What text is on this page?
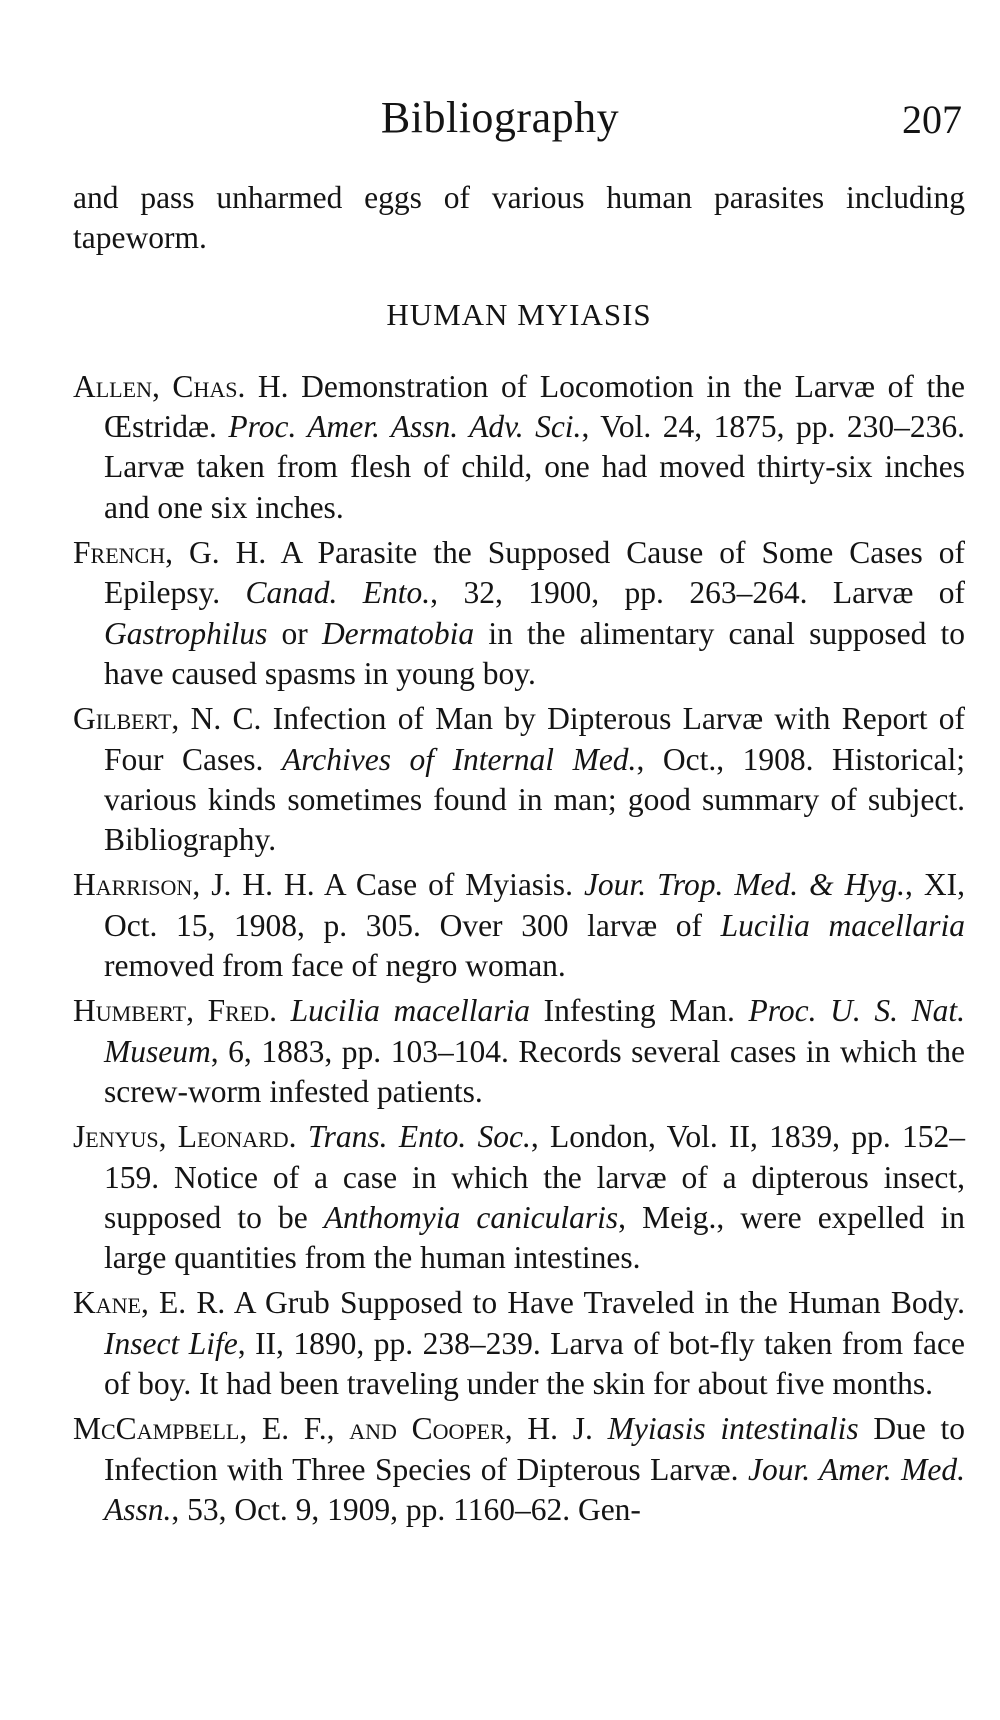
Bibliography	207

and pass unharmed eggs of various human parasites including tapeworm.

HUMAN MYIASIS

Allen, Chas. H. Demonstration of Locomotion in the Larvæ of the Œstridæ. Proc. Amer. Assn. Adv. Sci., Vol. 24, 1875, pp. 230–236. Larvæ taken from flesh of child, one had moved thirty-six inches and one six inches.

French, G. H. A Parasite the Supposed Cause of Some Cases of Epilepsy. Canad. Ento., 32, 1900, pp. 263–264. Larvæ of Gastrophilus or Dermatobia in the alimentary canal supposed to have caused spasms in young boy.

Gilbert, N. C. Infection of Man by Dipterous Larvæ with Report of Four Cases. Archives of Internal Med., Oct., 1908. Historical; various kinds sometimes found in man; good summary of subject. Bibliography.

Harrison, J. H. H. A Case of Myiasis. Jour. Trop. Med. & Hyg., XI, Oct. 15, 1908, p. 305. Over 300 larvæ of Lucilia macellaria removed from face of negro woman.

Humbert, Fred. Lucilia macellaria Infesting Man. Proc. U. S. Nat. Museum, 6, 1883, pp. 103–104. Records several cases in which the screw-worm infested patients.

Jenyus, Leonard. Trans. Ento. Soc., London, Vol. II, 1839, pp. 152–159. Notice of a case in which the larvæ of a dipterous insect, supposed to be Anthomyia canicularis, Meig., were expelled in large quantities from the human intestines.

Kane, E. R. A Grub Supposed to Have Traveled in the Human Body. Insect Life, II, 1890, pp. 238–239. Larva of bot-fly taken from face of boy. It had been traveling under the skin for about five months.

McCampbell, E. F., and Cooper, H. J. Myiasis intestinalis Due to Infection with Three Species of Dipterous Larvæ. Jour. Amer. Med. Assn., 53, Oct. 9, 1909, pp. 1160–62. Gen-
